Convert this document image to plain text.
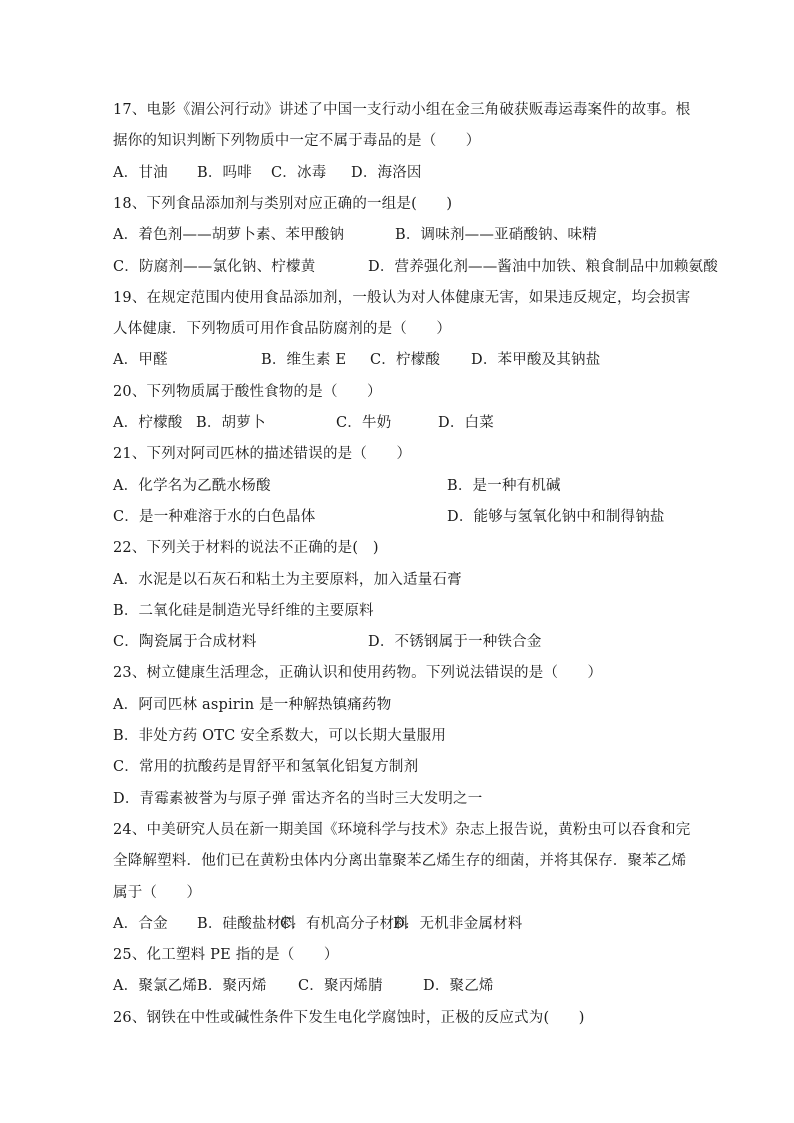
17、电影《湄公河行动》讲述了中国一支行动小组在金三角破获贩毒运毒案件的故事。根
据你的知识判断下列物质中一定不属于毒品的是（　　）
A．甘油 B．吗啡 C．冰毒 D．海洛因
18、下列食品添加剂与类别对应正确的一组是(　　)
A．着色剂——胡萝卜素、苯甲酸钠	B．调味剂——亚硝酸钠、味精
C．防腐剂——氯化钠、柠檬黄	D．营养强化剂——酱油中加铁、粮食制品中加赖氨酸
19、在规定范围内使用食品添加剂，一般认为对人体健康无害，如果违反规定，均会损害
人体健康．下列物质可用作食品防腐剂的是（　　）
A．甲醛	B．维生素 E C．柠檬酸 D．苯甲酸及其钠盐
20、下列物质属于酸性食物的是（　　）
A．柠檬酸 B．胡萝卜	C．牛奶	D．白菜
21、下列对阿司匹林的描述错误的是（　　）
A．化学名为乙酰水杨酸	B．是一种有机碱
C．是一种难溶于水的白色晶体	D．能够与氢氧化钠中和制得钠盐
22、下列关于材料的说法不正确的是(　)
A．水泥是以石灰石和粘土为主要原料，加入适量石膏
B．二氧化硅是制造光导纤维的主要原料
C．陶瓷属于合成材料	D．不锈钢属于一种铁合金
23、树立健康生活理念，正确认识和使用药物。下列说法错误的是（　　）
A．阿司匹林 aspirin 是一种解热镇痛药物
B．非处方药 OTC 安全系数大，可以长期大量服用
C．常用的抗酸药是胃舒平和氢氧化铝复方制剂
D．青霉素被誉为与原子弹 雷达齐名的当时三大发明之一
24、中美研究人员在新一期美国《环境科学与技术》杂志上报告说，黄粉虫可以吞食和完
全降解塑料．他们已在黄粉虫体内分离出靠聚苯乙烯生存的细菌，并将其保存．聚苯乙烯
属于（　　）
A．合金 B．硅酸盐材料
C．有机高分子材料
D．无机非金属材料
25、化工塑料 PE 指的是（　　）
A．聚氯乙烯 B．聚丙烯 C．聚丙烯腈	D．聚乙烯
26、钢铁在中性或碱性条件下发生电化学腐蚀时，正极的反应式为(　　)
